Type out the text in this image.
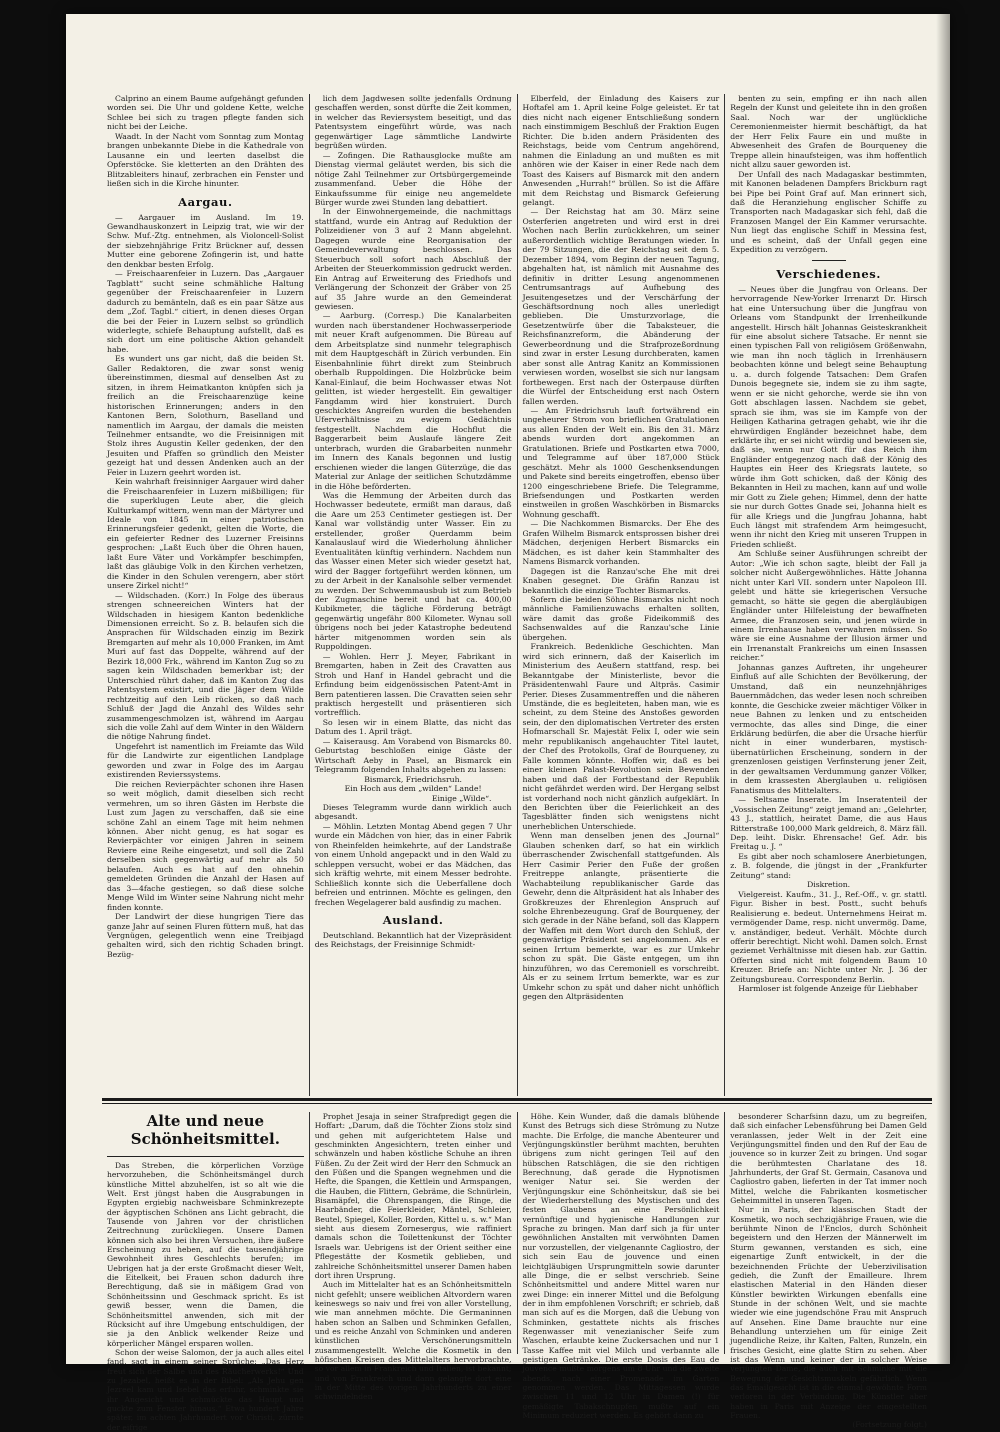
Calprino an einem Baume aufgehängt gefunden worden sei. Die Uhr und goldene Kette, welche Schlee bei sich zu tragen pflegte fanden sich nicht bei der Leiche.

Waadt. In der Nacht vom Sonntag zum Montag brangen unbekannte Diebe in die Kathedrale von Lausanne ein und leerten daselbst die Opferstöcke. Sie kletterten an den Drähten des Blitzableiters hinauf, zerbrachen ein Fenster und ließen sich in die Kirche hinunter.

Aargau.

— Aargauer im Ausland. Im 19. Gewandhauskonzert in Leipzig trat, wie wir der Schw. Muf.-Ztg. entnehmen, als Violoncell-Solist der siebzehnjährige Fritz Brückner auf, dessen Mutter eine geborene Zofingerin ist, und hatte den denkbar besten Erfolg.

— Freischaarenfeier in Luzern. Das „Aargauer Tagblatt“ sucht seine schmähliche Haltung gegenüber der Freischaarenfeier in Luzern dadurch zu bemänteln, daß es ein paar Sätze aus dem „Zof. Tagbl.“ citiert, in denen dieses Organ die bei der Feier in Luzern selbst so gründlich widerlegte, schiefe Behauptung aufstellt, daß es sich dort um eine politische Aktion gehandelt habe.

Es wundert uns gar nicht, daß die beiden St. Galler Redaktoren, die zwar sonst wenig übereinstimmen, diesmal auf denselben Ast zu sitzen, in ihrem Heimatkanton knüpfen sich ja freilich an die Freischaarenzüge keine historischen Erinnerungen; anders in den Kantonen Bern, Solothurn, Baselland und namentlich im Aargau, der damals die meisten Teilnehmer entsandte, wo die Freisinnigen mit Stolz ihres Augustin Keller gedenken, der den Jesuiten und Pfaffen so gründlich den Meister gezeigt hat und dessen Andenken auch an der Feier in Luzern geehrt worden ist.

Kein wahrhaft freisinniger Aargauer wird daher die Freischaarenfeier in Luzern mißbilligen; für die superklugen Leute aber, die gleich Kulturkampf wittern, wenn man der Märtyrer und Ideale von 1845 in einer patriotischen Erinnerungsfeier gedenkt, gelten die Worte, die ein gefeierter Redner des Luzerner Freisinns gesprochen: „Laßt Euch über die Ohren hauen, laßt Eure Väter und Vorkämpfer beschimpfen, laßt das gläubige Volk in den Kirchen verhetzen, die Kinder in den Schulen verengern, aber stört unsere Zirkel nicht!“

— Wildschaden. (Korr.) In Folge des überaus strengen schneereichen Winters hat der Wildschaden in hiesigem Kanton bedenkliche Dimensionen erreicht. So z. B. belaufen sich die Ansprachen für Wildschaden einzig im Bezirk Bremgarten auf mehr als 10,000 Franken, im Amt Muri auf fast das Doppelte, während auf der Bezirk 18,000 Frk., während im Kanton Zug so zu sagen kein Wildschaden bemerkbar ist; der Unterschied rührt daher, daß im Kanton Zug das Patentsystem existirt, und die Jäger dem Wilde rechtzeitig auf den Leib rücken, so daß nach Schluß der Jagd die Anzahl des Wildes sehr zusammengeschmolzen ist, während im Aargau sich die volle Zahl auf dem Winter in den Wäldern die nötige Nahrung findet.

Ungefehrt ist namentlich im Freiamte das Wild für die Landwirte zur eigentlichen Landplage geworden und zwar in Folge des im Aargau existirenden Revierssystems.

Die reichen Revierpächter schonen ihre Hasen so weit möglich, damit dieselben sich recht vermehren, um so ihren Gästen im Herbste die Lust zum Jagen zu verschaffen, daß sie eine schöne Zahl an einem Tage mit heim nehmen können. Aber nicht genug, es hat sogar es Revierpächter vor einigen Jahren in seinem Reviere eine Reihe eingesetzt, und soll die Zahl derselben sich gegenwärtig auf mehr als 50 belaufen. Auch es hat auf den ohnehin gemeldeten Gründen die Anzahl der Hasen auf das 3—4fache gestiegen, so daß diese solche Menge Wild im Winter seine Nahrung nicht mehr finden konnte.

Der Landwirt der diese hungrigen Tiere das ganze Jahr auf seinen Fluren füttern muß, hat das Vergnügen, gelegentlich wenn eine Treibjagd gehalten wird, sich den richtig Schaden bringt. Bezüg-

lich dem Jagdwesen sollte jedenfalls Ordnung geschaffen werden, sonst dürfte die Zeit kommen, in welcher das Reviersystem beseitigt, und das Patentsystem eingeführt würde, was nach gegenwärtiger Lage sämmtliche Landwirte begrüßen würden.

— Zofingen. Die Rathausglocke mußte am Dienstag viermal geläutet werden, bis sich die nötige Zahl Teilnehmer zur Ortsbürgergemeinde zusammenfand. Ueber die Höhe der Einkaufssumme für einige neu angemeldete Bürger wurde zwei Stunden lang debattiert.

In der Einwohnergemeinde, die nachmittags stattfand, wurde ein Antrag auf Reduktion der Polizeidiener von 3 auf 2 Mann abgelehnt. Dagegen wurde eine Reorganisation der Gemeindeverwaltung beschlossen. Das Steuerbuch soll sofort nach Abschluß der Arbeiten der Steuerkommission gedruckt werden. Ein Antrag auf Erweiterung des Friedhofs und Verlängerung der Schonzeit der Gräber von 25 auf 35 Jahre wurde an den Gemeinderat gewiesen.

— Aarburg. (Corresp.) Die Kanalarbeiten wurden nach überstandener Hochwasserperiode mit neuer Kraft aufgenommen. Die Büreau auf dem Arbeitsplatze sind nunmehr telegraphisch mit dem Hauptgeschäft in Zürich verbunden. Ein Eisenbahnlinie führt direkt zum Steinbruch oberhalb Ruppoldingen. Die Holzbrücke beim Kanal-Einlauf, die beim Hochwasser etwas Not gelitten, ist wieder hergestellt. Ein gewaltiger Fangdamm wird hier konstruiert. Durch geschicktes Angreifen wurden die bestehenden Uferverhältnisse zu ewigem Gedächtnis festgestellt. Nachdem die Hochflut die Baggerarbeit beim Auslaufe längere Zeit unterbrach, wurden die Grabarbeiten nunmehr im Innern des Kanals begonnen und lustig erschienen wieder die langen Güterzüge, die das Material zur Anlage der seitlichen Schutzdämme in die Höhe beförderten.

Was die Hemmung der Arbeiten durch das Hochwasser bedeutete, ermißt man daraus, daß die Aare um 253 Centimeter gestiegen ist. Der Kanal war vollständig unter Wasser. Ein zu erstellender, großer Querdamm beim Kanalauslauf wird die Wiederholung ähnlicher Eventualitäten künftig verhindern. Nachdem nun das Wasser einen Meter sich wieder gesetzt hat, wird der Bagger fortgeführt werden können, um zu der Arbeit in der Kanalsohle selber vermendet zu werden. Der Schwemmausbub ist zum Betrieb der Zugmaschine bereit und hat ca. 400,00 Kubikmeter, die tägliche Förderung beträgt gegenwärtig ungefähr 800 Kilometer. Wynau soll übrigens noch bei jeder Katastrophe bedeutend härter mitgenommen worden sein als Ruppoldingen.

— Wohlen. Herr J. Meyer, Fabrikant in Bremgarten, haben in Zeit des Cravatten aus Stroh und Hanf in Handel gebracht und die Erfindung beim eidgenössischen Patent-Amt in Bern patentieren lassen. Die Cravatten seien sehr praktisch hergestellt und präsentieren sich vortrefflich.

So lesen wir in einem Blatte, das nicht das Datum des 1. April trägt.

— Kaiserausg. Am Vorabend von Bismarcks 80. Geburtstag beschloßen einige Gäste der Wirtschaft Aeby in Pasel, an Bismarck ein Telegramm folgenden Inhalts abgehen zu lassen:

Bismarck, Friedrichsruh.

Ein Hoch aus dem „wilden“ Lande!

Einige „Wilde“.

Dieses Telegramm wurde dann wirklich auch abgesandt.

— Möhlin. Letzten Montag Abend gegen 7 Uhr wurde ein Mädchen von hier, das in einer Fabrik von Rheinfelden heimkehrte, auf der Landstraße von einem Unhold angepackt und in den Wald zu schleppen versucht, wobei er das Mädchen, das sich kräftig wehrte, mit einem Messer bedrohte. Schließlich konnte sich die Ueberfallene doch befreien und entrinnen. Möchte es gelingen, den frechen Wegelagerer bald ausfindig zu machen.

Ausland.

Deutschland. Bekanntlich hat der Vizepräsident des Reichstags, der Freisinnige Schmidt-

Elberfeld, der Einladung des Kaisers zur Hoftafel am 1. April keine Folge geleistet. Er tat dies nicht nach eigener Entschließung sondern nach einstimmigem Beschluß der Fraktion Eugen Richter. Die b.iden andern Präsidenten des Reichstags, beide vom Centrum angehörend, nahmen die Einladung an und mußten es mit anhören wie der Kaiser in einer Rede nach dem Toast des Kaisers auf Bismarck mit den andern Anwesenden „Hurrah!“ brüllen. So ist die Affäre mit dem Reichstag und Bismarck Gefeierung gelangt.

— Der Reichstag hat am 30. März seine Osterferien angetreten und wird erst in drei Wochen nach Berlin zurückkehren, um seiner außerordentlich wichtige Beratungen wieder. In der 79 Sitzungen, die der Reichstag seit dem 5. Dezember 1894, vom Beginn der neuen Tagung, abgehalten hat, ist nämlich mit Ausnahme des definitiv in dritter Lesung angenommenen Centrumsantrags auf Aufhebung des Jesuitengesetzes und der Verschärfung der Geschäftsordnung noch alles unerledigt geblieben. Die Umsturzvorlage, die Gesetzentwürfe über die Tabaksteuer, die Reichsfinanzreform, die Abänderung der Gewerbeordnung und die Strafprozeßordnung sind zwar in erster Lesung durchberaten, kamen aber sonst alle Antrag Kanitz an Kommissionen verwiesen worden, woselbst sie sich nur langsam fortbewegen. Erst nach der Osterpause dürften die Würfel der Entscheidung erst nach Ostern fallen werden.

— Am Friedrichsruh lauft fortwährend ein ungeheurer Strom von brieflichen Gratulationen aus allen Enden der Welt ein. Bis den 31. März abends wurden dort angekommen an Gratulationen. Briefe und Postkarten etwa 7000, und Telegramme auf über 187,000 Stück geschätzt. Mehr als 1000 Geschenksendungen und Pakete sind bereits eingetroffen, ebenso über 1200 eingeschriebene Briefe. Die Telegramme, Briefsendungen und Postkarten werden einstweilen in großen Waschkörben in Bismarcks Wohnung geschafft.

— Die Nachkommen Bismarcks. Der Ehe des Grafen Wilhelm Bismarck entsprossen bisher drei Mädchen, derjenigen Herbert Bismarcks ein Mädchen, es ist daher kein Stammhalter des Namens Bismarck vorhanden.

Dagegen ist die Ranzau'sche Ehe mit drei Knaben gesegnet. Die Gräfin Ranzau ist bekanntlich die einzige Tochter Bismarcks.

Sofern die beiden Söhne Bismarcks nicht noch männliche Familienzuwachs erhalten sollten, wäre damit das große Fideikommiß des Sachsenwaldes auf die Ranzau'sche Linie übergehen.

Frankreich. Bedenkliche Geschichten. Man wird sich erinnern, daß der Kaiserlich im Ministerium des Aeußern stattfand, resp. bei Bekanntgabe der Ministerliste, bevor die Präsidentenwahl Faure und Altpräs. Casimir Perier. Dieses Zusammentreffen und die näheren Umstände, die es begleiteten, haben man, wie es scheint, zu dem Steine des Anstoßes geworden sein, der den diplomatischen Vertreter des ersten Hofmarschall Sr. Majestät Felix I, oder wie sein mehr republikanisch angehauchter Titel lautet, der Chef des Protokolls, Graf de Bourqueney, zu Falle kommen könnte. Hoffen wir, daß es bei einer kleinen Palast-Revolution sein Bewenden haben und daß der Fortbestand der Republik nicht gefährdet werden wird. Der Hergang selbst ist vorderhand noch nicht gänzlich aufgeklärt. In den Berichten über die Feierlichkeit an des Tagesblätter finden sich wenigstens nicht unerheblichen Unterschiede.

Wenn man denselben jenen des „Journal“ Glauben schenken darf, so hat ein wirklich überraschender Zwischenfall stattgefunden. Als Herr Casimir Perier den Fuße der großen Freitreppe anlangte, präsentierte die Wachabteilung republikanischer Garde das Gewehr, denn die Altpräsident hat als Inhaber des Großkreuzes der Ehrenlegion Anspruch auf solche Ehrenbezeugung. Graf de Bourqueney, der sich gerade in der Nähe befand, soll das Klappern der Waffen mit dem Wort durch den Schluß, der gegenwärtige Präsident sei angekommen. Als er seinen Irrtum bemerkte, war es zur Umkehr schon zu spät. Die Gäste entgegen, um ihn hinzuführen, wo das Ceremoniell es vorschreibt. Als er zu seinem Irrtum bemerkte, war es zur Umkehr schon zu spät und daher nicht unhöflich gegen den Altpräsidenten

benten zu sein, empfing er ihn nach allen Regeln der Kunst und geleitete ihn in den großen Saal. Noch war der unglückliche Ceremonienmeister hiermit beschäftigt, da hat der Herr Felix Faure ein und mußte in Abwesenheit des Grafen de Bourqueney die Treppe allein hinaufsteigen, was ihm hoffentlich nicht allzu sauer geworden ist.

Der Unfall des nach Madagaskar bestimmten, mit Kanonen beladenen Dampfers Brickburn ragt bei Pipe bei Point Graf auf. Man erinnert sich, daß die Heranziehung englischer Schiffe zu Transporten nach Madagaskar sich fehl, daß die Franzosen Mangel der Ein Kammer verursachte. Nun liegt das englische Schiff in Messina fest, und es scheint, daß der Unfall gegen eine Expedition zu verzögern.

Verschiedenes.

— Neues über die Jungfrau von Orleans. Der hervorragende New-Yorker Irrenarzt Dr. Hirsch hat eine Untersuchung über die Jungfrau von Orleans vom Standpunkt der Irrenheilkunde angestellt. Hirsch hält Johannas Geisteskrankheit für eine absolut sichere Tatsache. Er nennt sie einen typischen Fall von religiösem Größenwahn, wie man ihn noch täglich in Irrenhäusern beobachten könne und belegt seine Behauptung u. a. durch folgende Tatsachen: Dem Grafen Dunois begegnete sie, indem sie zu ihm sagte, wenn er sie nicht gehorche, werde sie ihn von Gott abschlagen lassen. Nachdem sie gebet, sprach sie ihm, was sie im Kampfe von der Heiligen Katharina getragen gehabt, wie ihr die ehrwürdigen Engländer bezeichnet habe, dem erklärte ihr, er sei nicht würdig und bewiesen sie, daß sie, wenn nur Gott für das Reich ihm Engländer entgegenzog nach daß der König des Hauptes ein Heer des Kriegsrats lautete, so würde ihm Gott schicken, daß der König des Bekannten in Heil zu machen, kann auf und wolle mir Gott zu Ziele gehen; Himmel, denn der hatte sie nur durch Gottes Gnade sei, Johanna hielt es für alle Kriegs und die Jungfrau Johanna, habt Euch längst mit strafendem Arm heimgesucht, wenn ihr nicht den Krieg mit unseren Truppen in Frieden schließt.

Am Schluße seiner Ausführungen schreibt der Autor: „Wie ich schon sagte, bleibt der Fall ja solcher nicht Außergewöhnliches. Hätte Johanna nicht unter Karl VII. sondern unter Napoleon III. gelebt und hätte sie kriegerischen Versuche gemacht, so hätte sie gegen die abergläubigen Engländer unter Hilfeleistung der bewaffneten Armee, die Franzosen sein, und jenen würde in einem Irrenhause haben verwahren müssen. So wäre sie eine Ausnahme der Illusion ärmer und ein Irrenanstalt Frankreichs um einen Insassen reicher.“

Johannas ganzes Auftreten, ihr ungeheurer Einfluß auf alle Schichten der Bevölkerung, der Umstand, daß ein neunzehnjähriges Bauernmädchen, das weder lesen noch schreiben konnte, die Geschicke zweier mächtiger Völker in neue Bahnen zu lenken und zu entscheiden vermochte, das alles sind Dinge, die einer Erklärung bedürfen, die aber die Ursache hierfür nicht in einer wunderbaren, mystisch-übernatürlichen Erscheinung, sondern in der grenzenlosen geistigen Verfinsterung jener Zeit, in der gewaltsamen Verdummung ganzer Völker, in dem krassesten Aberglauben u. religiösen Fanatismus des Mittelalters.

— Seltsame Inserate. Im Inseratenteil der „Vossischen Zeitung“ zeigt jemand an: „Gelehrter, 43 J., stattlich, heiratet Dame, die aus Haus Ritterstraße 100,000 Mark geldreich, 8. März fäll. Dep. leiht. Diskr. Ehrensache! Gef. Adr. bis Freitag u. J. “

Es gibt aber noch schamlosere Anerbietungen, z. B. folgende, die jüngst in der „Frankfurter Zeitung“ stand:

Diskretion.

Vielgereist. Kaufm., 31. J., Ref.-Off., v. gr. stattl. Figur. Bisher in best. Postt., sucht behufs Realisierung e. bedeut. Unternehmens Heirat m. vermögender Dame, resp. nicht unvermög. Dame, v. anständiger, bedeut. Verhält. Möchte durch offerir berechtigt. Nicht wohl. Damen solch. Ernst geziemet Verhältnisse mit diesen hab. zur Gattin. Offerten sind nicht mit folgendem Baum 10 Kreuzer. Briefe an: Nichte unter Nr. J. 36 der Zeitungsbureau. Correspondenz Berlin.

Harmloser ist folgende Anzeige für Liebhaber

Alte und neue Schönheitsmittel.

Das Streben, die körperlichen Vorzüge hervorzuheben, die Schönheitsmängel durch künstliche Mittel abzuhelfen, ist so alt wie die Welt. Erst jüngst haben die Ausgrabungen in Egypten ergiebig nachweisbare Schminkrezepte der ägyptischen Schönen ans Licht gebracht, die Tausende von Jahren vor der christlichen Zeitrechnung zurückliegen. Unsere Damen können sich also bei ihren Versuchen, ihre äußere Erscheinung zu heben, auf die tausendjährige Gewohnheit ihres Geschlechts berufen; im Uebrigen hat ja der erste Großmacht dieser Welt, die Eitelkeit, bei Frauen schon dadurch ihre Berechtigung, daß sie in mäßigem Grad von Schönheitssinn und Geschmack spricht. Es ist gewiß besser, wenn die Damen, die Schönheitsmittel anwenden, sich mit der Rücksicht auf ihre Umgebung entschuldigen, der sie ja den Anblick welkender Reize und körperlicher Mängel ersparen wollen.

Schon der weise Salomon, der ja auch alles eitel fand, sagt in einem seiner Sprüche: „Das Herz freut sich der Salbe und des Räucherwerks!“ Und zu Jezabel, heißt es in der Bibel: „Als Jehu gen Jezreel kam und Isebel das erfuhr, schminkte sie ihr Angesicht und schmückte das Haupt und guckte zum Fenster hinaus.“ Etwa hundert Jahre später, im achten Jahrhundert vor Christi, zürnte der eifrige

Prophet Jesaja in seiner Strafpredigt gegen die Hoffart: „Darum, daß die Töchter Zions stolz sind und gehen mit aufgerichtetem Halse und geschminkten Angesichtern, treten einher und schwänzeln und haben köstliche Schuhe an ihren Füßen. Zu der Zeit wird der Herr den Schmuck an den Füßen und die Spangen wegnehmen und die Hefte, die Spangen, die Kettlein und Armspangen, die Hauben, die Flittern, Gebräme, die Schnürlein, Bisamäpfel, die Ohrenspangen, die Ringe, die Haarbänder, die Feierkleider, Mäntel, Schleier, Beutel, Spiegel, Koller, Borden, Kittel u. s. w.“ Man sieht aus diesem Zornesergus, wie raffiniert damals schon die Toilettenkunst der Töchter Israels war. Uebrigens ist der Orient seither eine Pflegestätte der Kosmetik geblieben, und zahlreiche Schönheitsmittel unserer Damen haben dort ihren Ursprung.

Auch im Mittelalter hat es an Schönheitsmitteln nicht gefehlt; unsere weiblichen Altvordern waren keineswegs so naiv und frei von aller Vorstellung, wie man annehmen möchte. Die Germaninnen haben schon an Salben und Schminken Gefallen, und es reiche Anzahl von Schminken und anderen künstlichen Verschönerungsmitteln zusammengestellt. Welche die Kosmetik in den höfischen Kreisen des Mittelalters hervorbrachte, so vor allem in Frankreich und Italien, ist bekannt; und von Frankreich und dann gelangte dort eine in der Mitte des vorigen Jahrhunderts zu einer schwindelnden

Höhe. Kein Wunder, daß die damals blühende Kunst des Betrugs sich diese Strömung zu Nutze machte. Die Erfolge, die manche Abenteurer und Verjüngungskünstler berühmt machten, beruhten übrigens zum nicht geringen Teil auf den hübschen Ratschlägen, die sie den richtigen Berechnung, daß gerade die Hypnotismen weniger Natur sei. Sie werden der Verjüngungskur eine Schönheitskur, daß sie bei der Wiederherstellung des Mystischen und des festen Glaubens an eine Persönlichkeit vernünftige und hygienische Handlungen zur Sprache zu bringen. Man darf sich ja für unter gewöhnlichen Anstalten mit verwöhnten Damen nur vorzustellen, der vielgenannte Cagliostro, der sich sein Eau de jouvence und einen leichtgläubigen Ursprungmitteln sowie darunter alle Dinge, die er selbst verschrieb. Seine Schönheitsmittel und andere Mittel waren nur zwei Dinge: ein innerer Mittel und die Befolgung der in ihm empfohlenen Vorschrift; er schrieb, daß man sich auf es die Morgen, daß die Uebung von Schminken, gestattete nichts als frisches Regenwasser mit venezianischer Seife zum Waschen, erlaubte keine Zuckersachen und nur 1 Tasse Kaffee mit viel Milch und verbannte alle geistigen Getränke. Die erste Dosis des Eau de jouvence mußte morgens um 8 Uhr und die zweite abends, nach einer Promenade im Garten genommen werden. Das Mittagessen wurde zwischen 11 und 12 Uhr in Damen (!) für gemäßigte Tabakschnupfen mußte auf ein Minimum reduziert werden. Es gehört dann zu

besonderer Scharfsinn dazu, um zu begreifen, daß sich einfacher Lebensführung bei Damen Geld veranlassen, jeder Welt in der Zeit eine Verjüngungsmittel finden und den Ruf der Eau de jouvence so in kurzer Zeit zu bringen. Und sogar die berühmtesten Charlatane des 18. Jahrhunderts, der Graf St. Germain, Casanova und Cagliostro gaben, lieferten in der Tat immer noch Mittel, welche die Fabrikanten kosmetischer Geheimmittel in unseren Tagen.

Nur in Paris, der klassischen Stadt der Kosmetik, wo noch sechzigjährige Frauen, wie die berühmte Ninon de l'Enclos, durch Schönheit begeistern und den Herzen der Männerwelt im Sturm gewannen, verstanden es sich, eine eigenartige Zunft entwickelt, in der die bezeichnenden Früchte der Ueberzivilisation gedieh, die Zunft der Emailleure. Ihrem elastischen Material in den Händen dieser Künstler bewirkten Wirkungen ebenfalls eine Stunde in der schönen Welt, und sie machte wieder wie eine jugendschöne Frau mit Anspruch auf Ansehen. Eine Dame brauchte nur eine Behandlung unterziehen um für einige Zeit jugendliche Reize, ihr Kalten, Falten, Runzeln, ein frisches Gesicht, eine glatte Stirn zu sehen. Aber ist das Wenn und keiner der in solcher Weise verjüngten Dame, die auch mit Schminke mit die Bewegung der Gesichtsmuskeln gefährlich. Wenn das Emailgesicht ist in die einmal gewöhnte Form verloren in der Verbindung. Die Künstler aber haben in Paris mit Anzeige der eingestellten Frauen.

(Fortsetzung folgt.)
